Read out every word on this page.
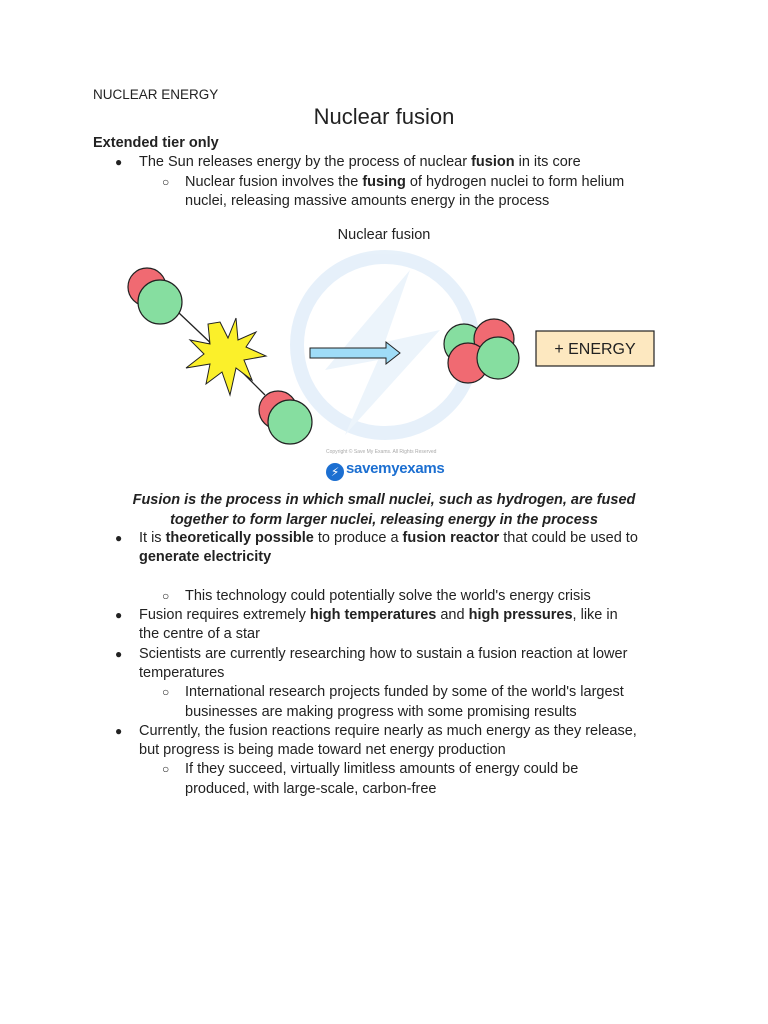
NUCLEAR ENERGY
Nuclear fusion
Extended tier only
● The Sun releases energy by the process of nuclear fusion in its core
○ Nuclear fusion involves the fusing of hydrogen nuclei to form helium
nuclei, releasing massive amounts energy in the process
Nuclear fusion
+ ENERGY
Copyright © Save My Exams. All Rights Reserved
⚡ savemyexams
Fusion is the process in which small nuclei, such as hydrogen, are fused
together to form larger nuclei, releasing energy in the process
● It is theoretically possible to produce a fusion reactor that could be used to
generate electricity
○ This technology could potentially solve the world's energy crisis
● Fusion requires extremely high temperatures and high pressures, like in
the centre of a star
● Scientists are currently researching how to sustain a fusion reaction at lower
temperatures
○ International research projects funded by some of the world's largest
businesses are making progress with some promising results
● Currently, the fusion reactions require nearly as much energy as they release,
but progress is being made toward net energy production
○ If they succeed, virtually limitless amounts of energy could be
produced, with large-scale, carbon-free
